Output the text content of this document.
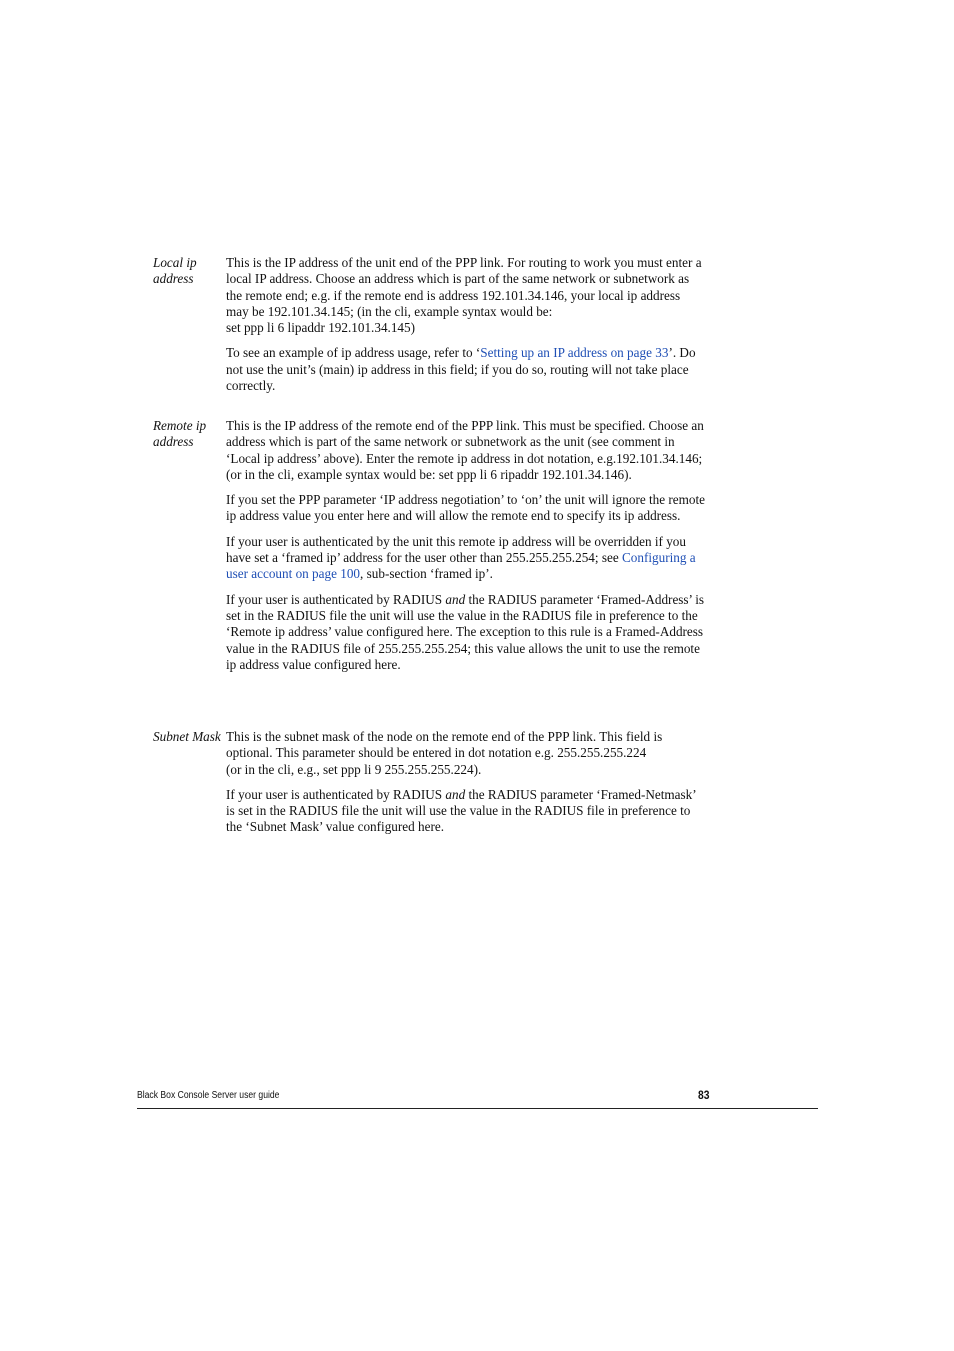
Local ip address

This is the IP address of the unit end of the PPP link. For routing to work you must enter a local IP address. Choose an address which is part of the same network or subnetwork as the remote end; e.g. if the remote end is address 192.101.34.146, your local ip address may be 192.101.34.145; (in the cli, example syntax would be:
set ppp li 6 lipaddr 192.101.34.145)

To see an example of ip address usage, refer to ‘Setting up an IP address on page 33’. Do not use the unit’s (main) ip address in this field; if you do so, routing will not take place correctly.

Remote ip address

This is the IP address of the remote end of the PPP link. This must be specified. Choose an address which is part of the same network or subnetwork as the unit (see comment in ‘Local ip address’ above). Enter the remote ip address in dot notation, e.g.192.101.34.146; (or in the cli, example syntax would be: set ppp li 6 ripaddr 192.101.34.146).

If you set the PPP parameter ‘IP address negotiation’ to ‘on’ the unit will ignore the remote ip address value you enter here and will allow the remote end to specify its ip address.

If your user is authenticated by the unit this remote ip address will be overridden if you have set a ‘framed ip’ address for the user other than 255.255.255.254; see Configuring a user account on page 100, sub-section ‘framed ip’.

If your user is authenticated by RADIUS and the RADIUS parameter ‘Framed-Address’ is set in the RADIUS file the unit will use the value in the RADIUS file in preference to the ‘Remote ip address’ value configured here. The exception to this rule is a Framed-Address value in the RADIUS file of 255.255.255.254; this value allows the unit to use the remote ip address value configured here.

Subnet Mask This is the subnet mask of the node on the remote end of the PPP link. This field is optional. This parameter should be entered in dot notation e.g. 255.255.255.224
(or in the cli, e.g., set ppp li 9 255.255.255.224).

If your user is authenticated by RADIUS and the RADIUS parameter ‘Framed-Netmask’ is set in the RADIUS file the unit will use the value in the RADIUS file in preference to the ‘Subnet Mask’ value configured here.

Black Box Console Server user guide	83
